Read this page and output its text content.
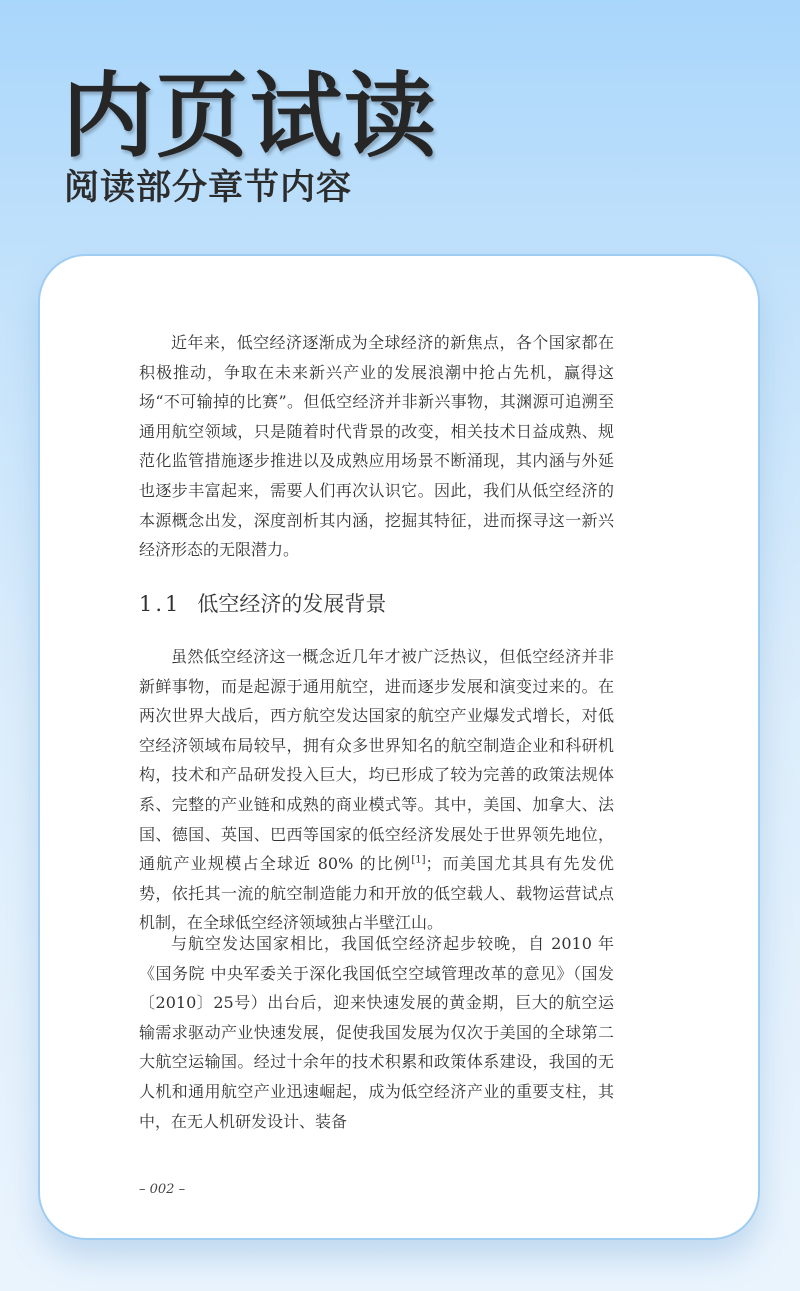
内页试读
阅读部分章节内容

近年来，低空经济逐渐成为全球经济的新焦点，各个国家都在积极推动，争取在未来新兴产业的发展浪潮中抢占先机，赢得这场“不可输掉的比赛”。但低空经济并非新兴事物，其渊源可追溯至通用航空领域，只是随着时代背景的改变，相关技术日益成熟、规范化监管措施逐步推进以及成熟应用场景不断涌现，其内涵与外延也逐步丰富起来，需要人们再次认识它。因此，我们从低空经济的本源概念出发，深度剖析其内涵，挖掘其特征，进而探寻这一新兴经济形态的无限潜力。

1.1 低空经济的发展背景

虽然低空经济这一概念近几年才被广泛热议，但低空经济并非新鲜事物，而是起源于通用航空，进而逐步发展和演变过来的。在两次世界大战后，西方航空发达国家的航空产业爆发式增长，对低空经济领域布局较早，拥有众多世界知名的航空制造企业和科研机构，技术和产品研发投入巨大，均已形成了较为完善的政策法规体系、完整的产业链和成熟的商业模式等。其中，美国、加拿大、法国、德国、英国、巴西等国家的低空经济发展处于世界领先地位，通航产业规模占全球近 80% 的比例[1]；而美国尤其具有先发优势，依托其一流的航空制造能力和开放的低空载人、载物运营试点机制，在全球低空经济领域独占半壁江山。

与航空发达国家相比，我国低空经济起步较晚，自 2010 年《国务院 中央军委关于深化我国低空空域管理改革的意见》（国发〔2010〕25号）出台后，迎来快速发展的黄金期，巨大的航空运输需求驱动产业快速发展，促使我国发展为仅次于美国的全球第二大航空运输国。经过十余年的技术积累和政策体系建设，我国的无人机和通用航空产业迅速崛起，成为低空经济产业的重要支柱，其中，在无人机研发设计、装备

– 002 –
